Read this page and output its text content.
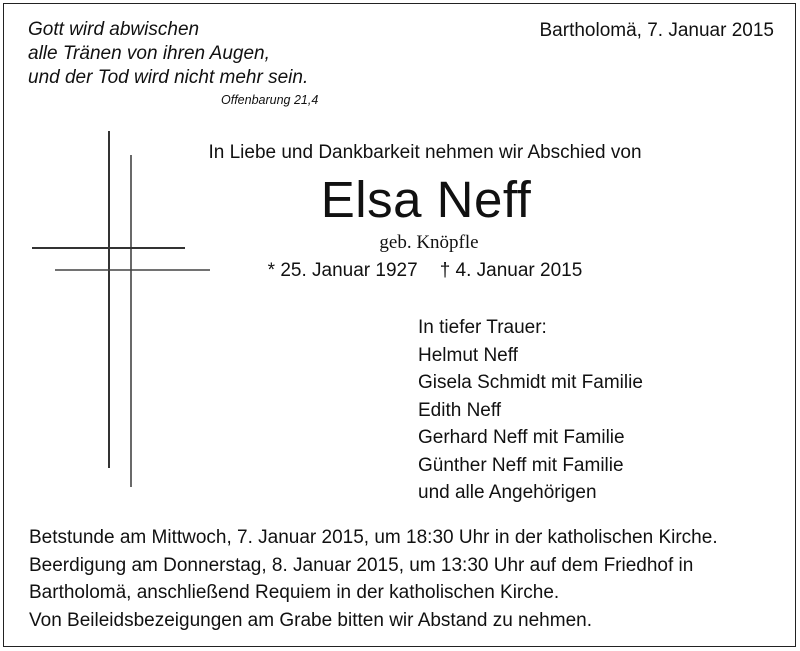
Gott wird abwischen
alle Tränen von ihren Augen,
und der Tod wird nicht mehr sein.
Offenbarung 21,4
Bartholomä, 7. Januar 2015
In Liebe und Dankbarkeit nehmen wir Abschied von
Elsa Neff
geb. Knöpfle
* 25. Januar 1927 † 4. Januar 2015
In tiefer Trauer:
Helmut Neff
Gisela Schmidt mit Familie
Edith Neff
Gerhard Neff mit Familie
Günther Neff mit Familie
und alle Angehörigen
Betstunde am Mittwoch, 7. Januar 2015, um 18:30 Uhr in der katholischen Kirche.
Beerdigung am Donnerstag, 8. Januar 2015, um 13:30 Uhr auf dem Friedhof in
Bartholomä, anschließend Requiem in der katholischen Kirche.
Von Beileidsbezeigungen am Grabe bitten wir Abstand zu nehmen.
